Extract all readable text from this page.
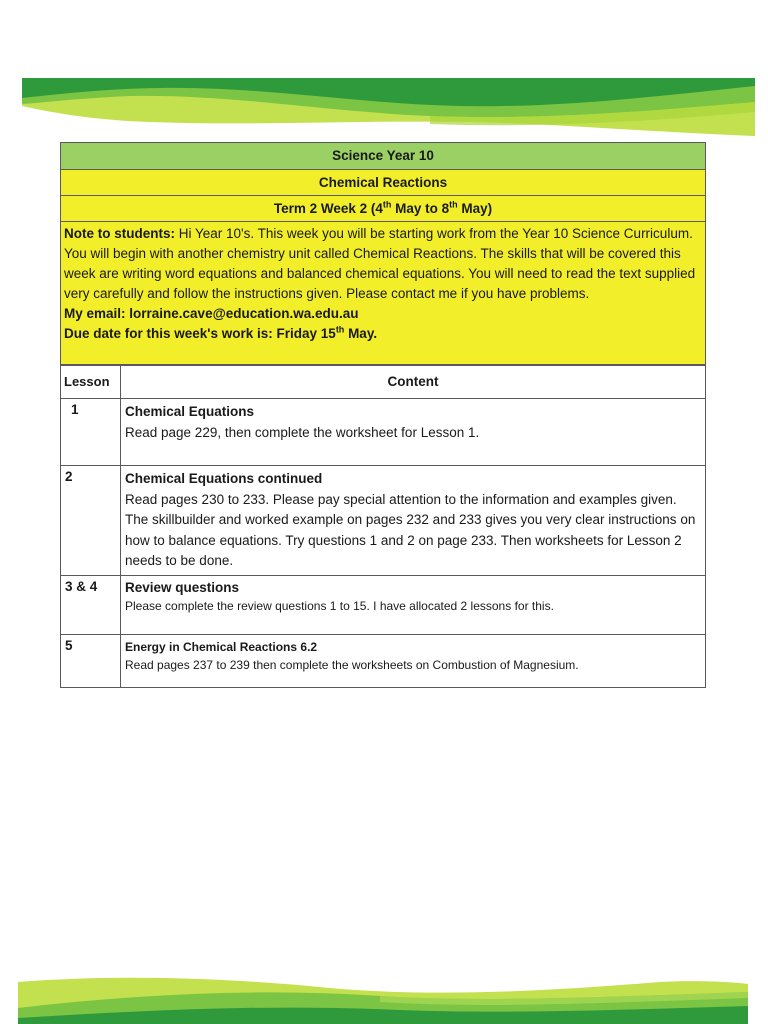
Science Year 10
Chemical Reactions
Term 2 Week 2 (4th May to 8th May)
Note to students: Hi Year 10's. This week you will be starting work from the Year 10 Science Curriculum. You will begin with another chemistry unit called Chemical Reactions. The skills that will be covered this week are writing word equations and balanced chemical equations. You will need to read the text supplied very carefully and follow the instructions given. Please contact me if you have problems.
My email: lorraine.cave@education.wa.edu.au
Due date for this week's work is: Friday 15th May.
Lesson	Content
1	Chemical Equations
Read page 229, then complete the worksheet for Lesson 1.

2	Chemical Equations continued
Read pages 230 to 233. Please pay special attention to the information and examples given. The skillbuilder and worked example on pages 232 and 233 gives you very clear instructions on how to balance equations. Try questions 1 and 2 on page 233. Then worksheets for Lesson 2 needs to be done.

3 & 4	Review questions
Please complete the review questions 1 to 15. I have allocated 2 lessons for this.

5	Energy in Chemical Reactions 6.2
Read pages 237 to 239 then complete the worksheets on Combustion of Magnesium.
